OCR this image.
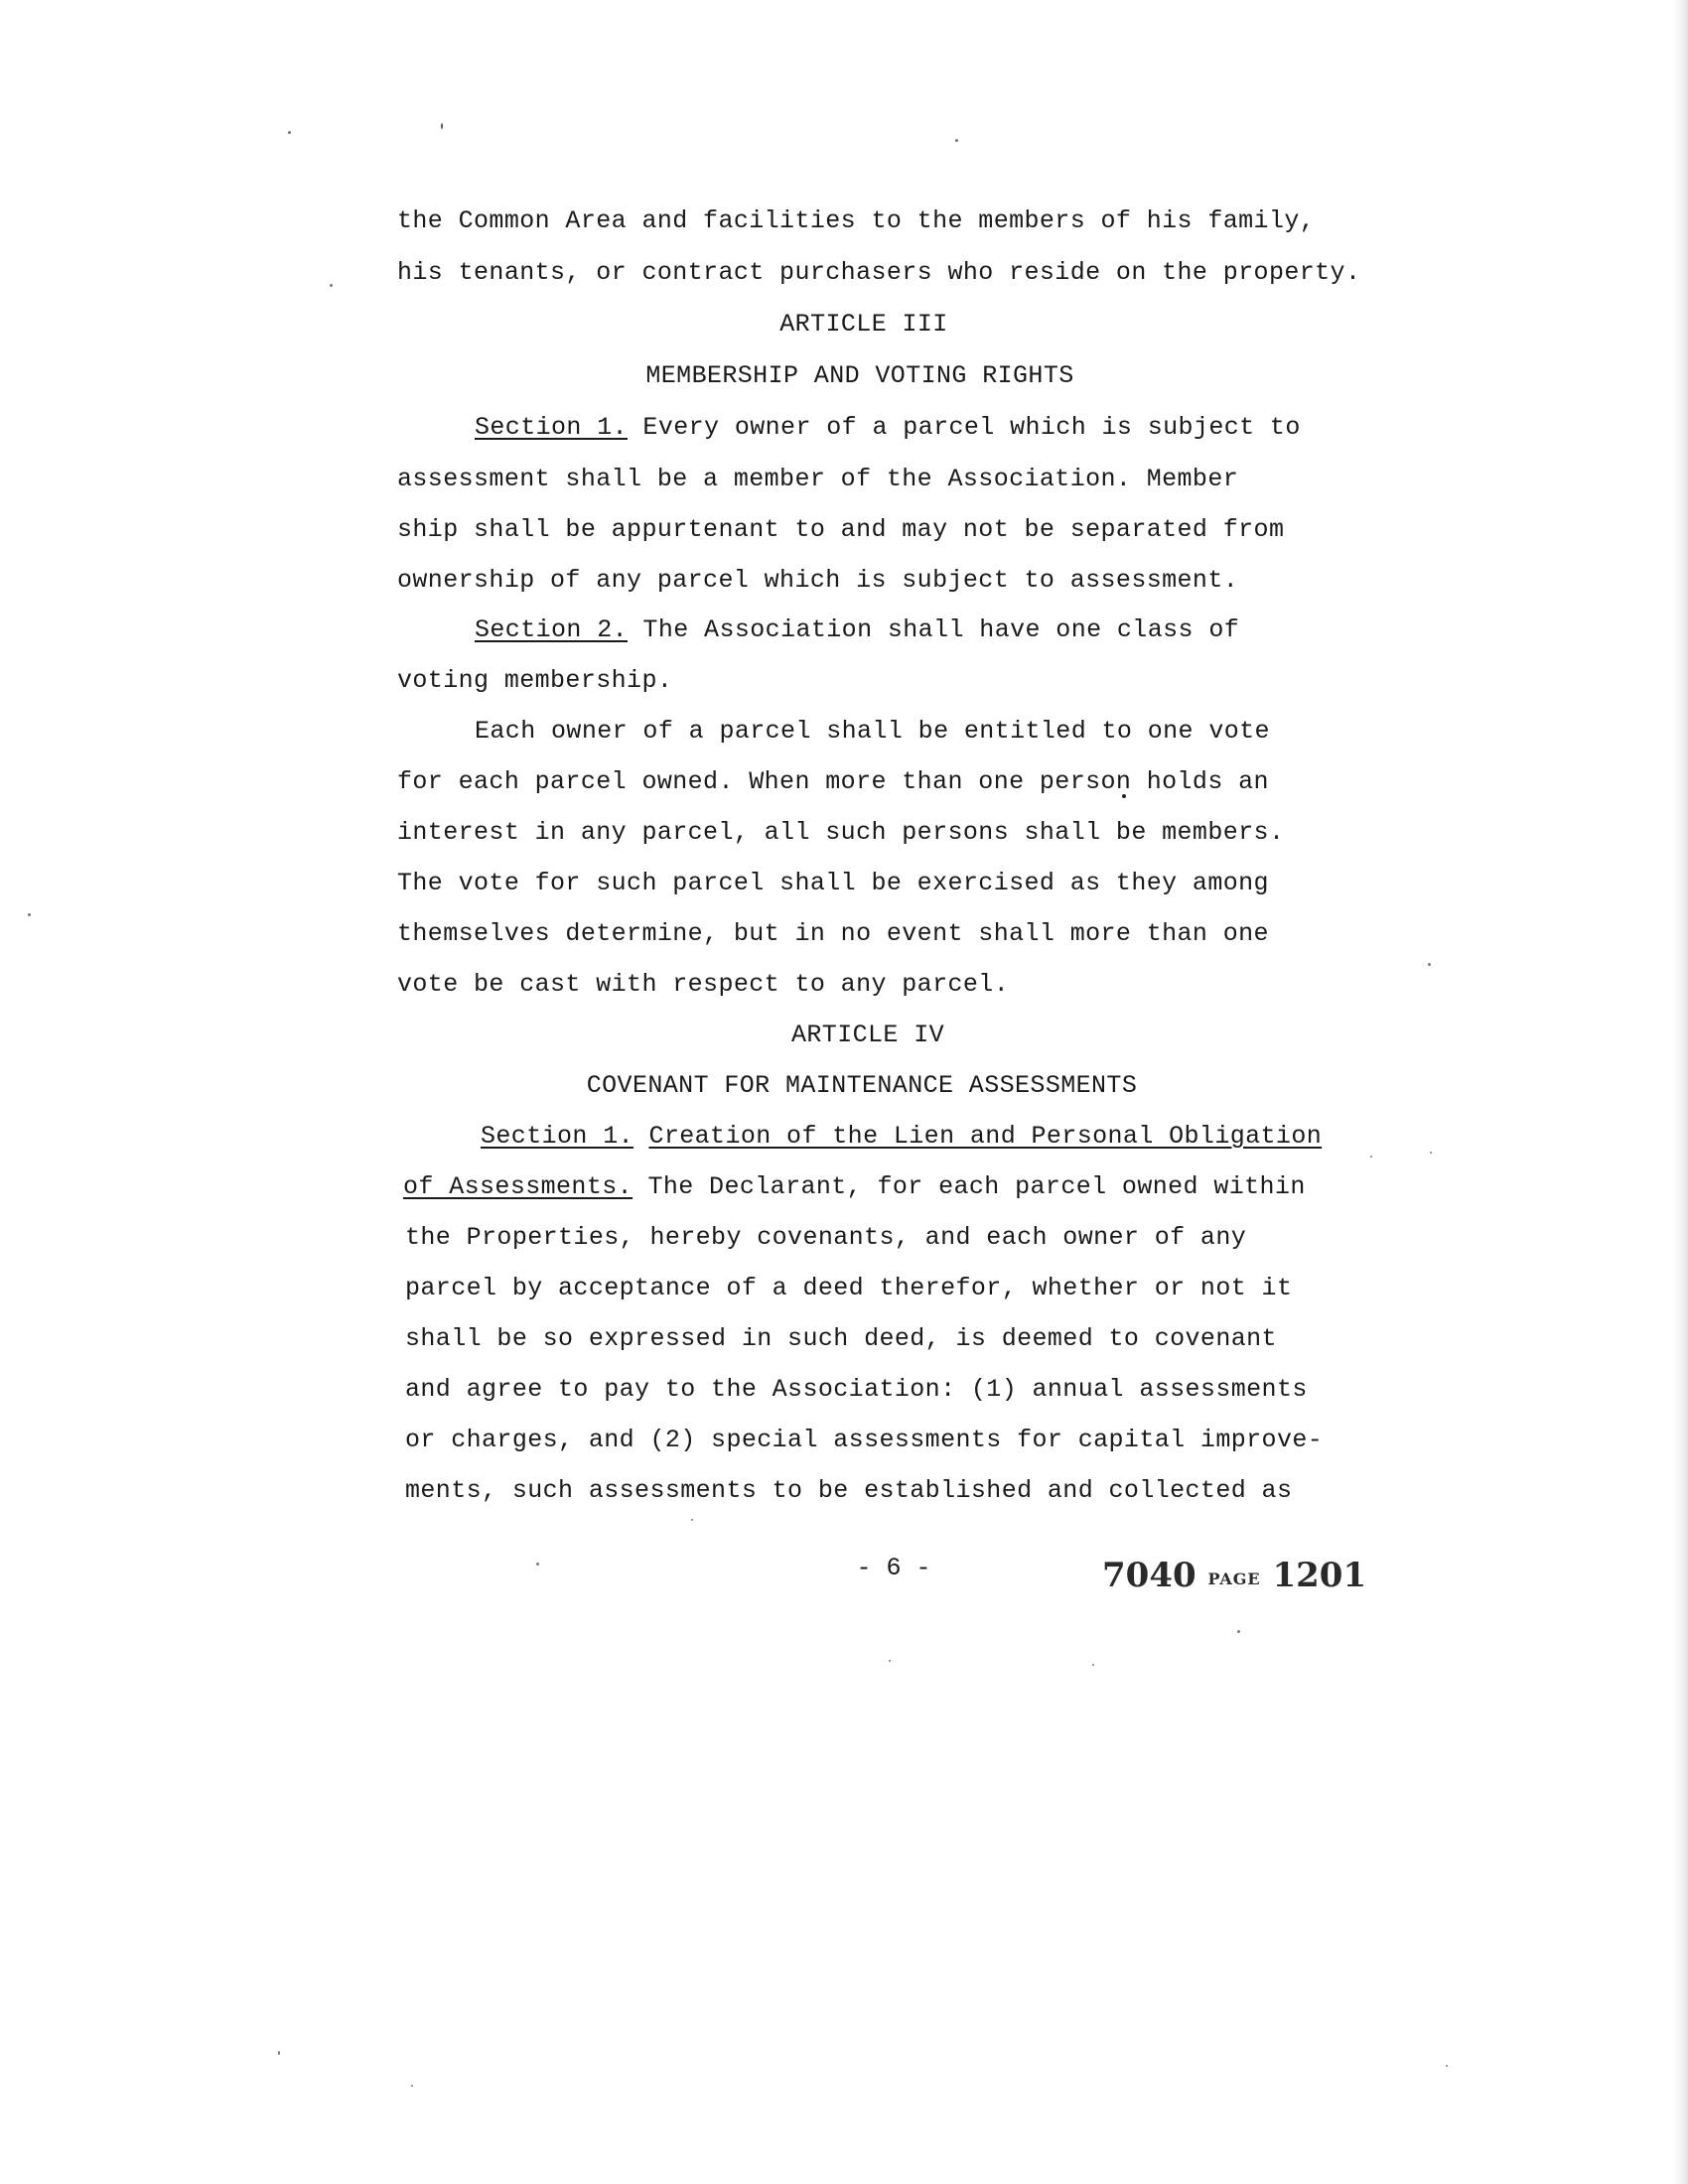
the Common Area and facilities to the members of his family,
his tenants, or contract purchasers who reside on the property.
ARTICLE III
MEMBERSHIP AND VOTING RIGHTS
Section 1. Every owner of a parcel which is subject to
assessment shall be a member of the Association. Member
ship shall be appurtenant to and may not be separated from
ownership of any parcel which is subject to assessment.
Section 2. The Association shall have one class of
voting membership.
Each owner of a parcel shall be entitled to one vote
for each parcel owned. When more than one person holds an
interest in any parcel, all such persons shall be members.
The vote for such parcel shall be exercised as they among
themselves determine, but in no event shall more than one
vote be cast with respect to any parcel.
ARTICLE IV
COVENANT FOR MAINTENANCE ASSESSMENTS
Section 1. Creation of the Lien and Personal Obligation
of Assessments. The Declarant, for each parcel owned within
the Properties, hereby covenants, and each owner of any
parcel by acceptance of a deed therefor, whether or not it
shall be so expressed in such deed, is deemed to covenant
and agree to pay to the Association: (1) annual assessments
or charges, and (2) special assessments for capital improve-
ments, such assessments to be established and collected as
- 6 -	7040 PAGE 1201
